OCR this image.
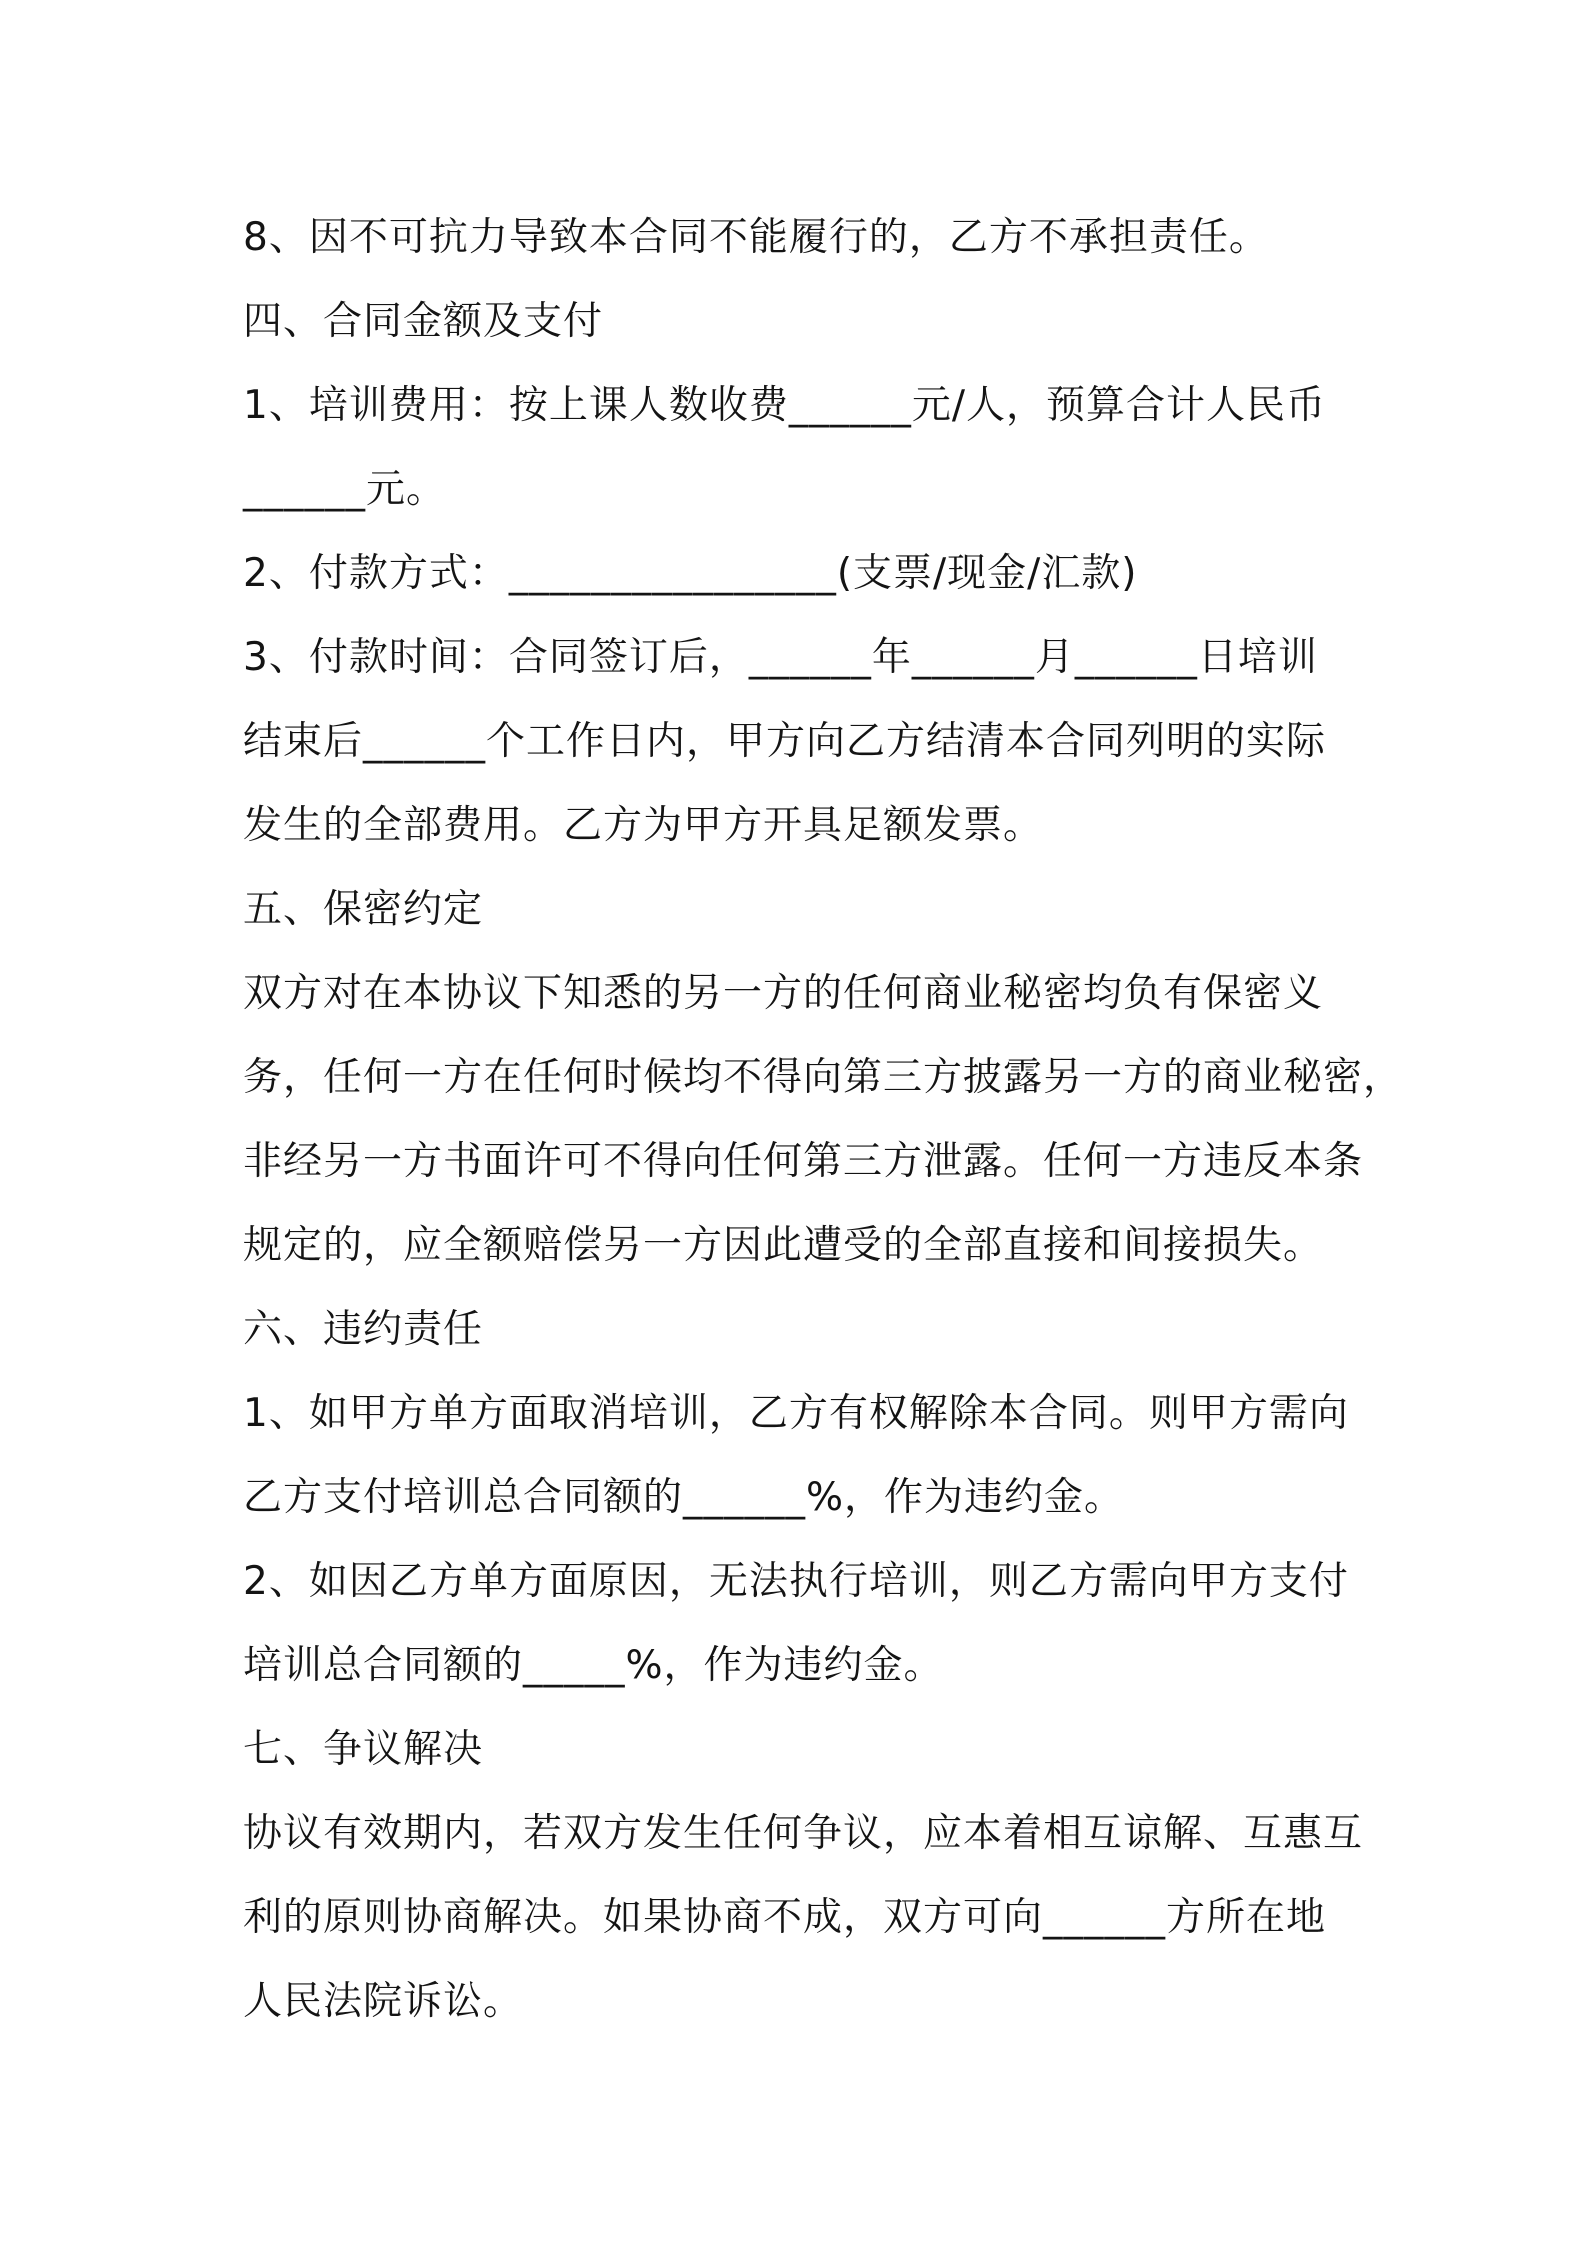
8、因不可抗力导致本合同不能履行的，乙方不承担责任。
四、合同金额及支付
1、培训费用：按上课人数收费______元/人，预算合计人民币
______元。
2、付款方式：________________(支票/现金/汇款)
3、付款时间：合同签订后，______年______月______日培训
结束后______个工作日内，甲方向乙方结清本合同列明的实际
发生的全部费用。乙方为甲方开具足额发票。
五、保密约定
双方对在本协议下知悉的另一方的任何商业秘密均负有保密义
务，任何一方在任何时候均不得向第三方披露另一方的商业秘密，
非经另一方书面许可不得向任何第三方泄露。任何一方违反本条
规定的，应全额赔偿另一方因此遭受的全部直接和间接损失。
六、违约责任
1、如甲方单方面取消培训，乙方有权解除本合同。则甲方需向
乙方支付培训总合同额的______%，作为违约金。
2、如因乙方单方面原因，无法执行培训，则乙方需向甲方支付
培训总合同额的_____%，作为违约金。
七、争议解决
协议有效期内，若双方发生任何争议，应本着相互谅解、互惠互
利的原则协商解决。如果协商不成，双方可向______方所在地
人民法院诉讼。
